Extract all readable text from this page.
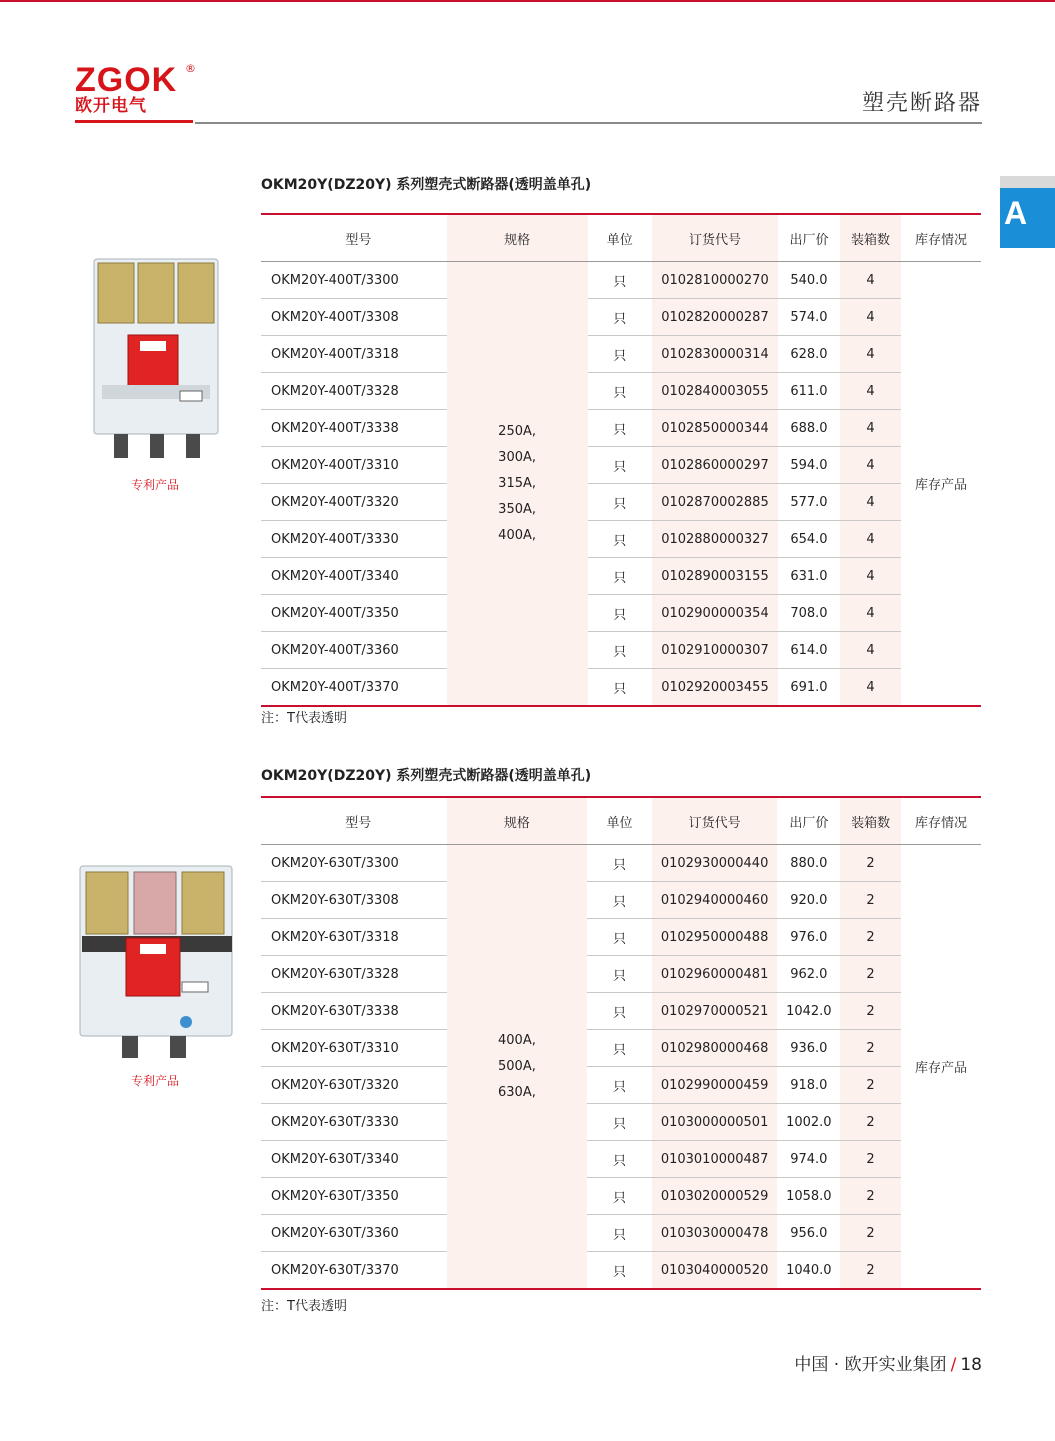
ZGOK ®
欧开电气	塑壳断路器
A
OKM20Y(DZ20Y) 系列塑壳式断路器(透明盖单孔)
专利产品
型号	规格	单位	订货代号	出厂价	装箱数	库存情况
OKM20Y-400T/3300	250A,
300A,
315A,
350A,
400A,	只	0102810000270	540.0	4	库存产品
OKM20Y-400T/3308		只	0102820000287	574.0	4	
OKM20Y-400T/3318		只	0102830000314	628.0	4	
OKM20Y-400T/3328		只	0102840003055	611.0	4	
OKM20Y-400T/3338		只	0102850000344	688.0	4	
OKM20Y-400T/3310		只	0102860000297	594.0	4	
OKM20Y-400T/3320		只	0102870002885	577.0	4	
OKM20Y-400T/3330		只	0102880000327	654.0	4	
OKM20Y-400T/3340		只	0102890003155	631.0	4	
OKM20Y-400T/3350		只	0102900000354	708.0	4	
OKM20Y-400T/3360		只	0102910000307	614.0	4	
OKM20Y-400T/3370		只	0102920003455	691.0	4	
注：T代表透明
OKM20Y(DZ20Y) 系列塑壳式断路器(透明盖单孔)
专利产品
型号	规格	单位	订货代号	出厂价	装箱数	库存情况
OKM20Y-630T/3300	400A,
500A,
630A,	只	0102930000440	880.0	2	库存产品
OKM20Y-630T/3308		只	0102940000460	920.0	2	
OKM20Y-630T/3318		只	0102950000488	976.0	2	
OKM20Y-630T/3328		只	0102960000481	962.0	2	
OKM20Y-630T/3338		只	0102970000521	1042.0	2	
OKM20Y-630T/3310		只	0102980000468	936.0	2	
OKM20Y-630T/3320		只	0102990000459	918.0	2	
OKM20Y-630T/3330		只	0103000000501	1002.0	2	
OKM20Y-630T/3340		只	0103010000487	974.0	2	
OKM20Y-630T/3350		只	0103020000529	1058.0	2	
OKM20Y-630T/3360		只	0103030000478	956.0	2	
OKM20Y-630T/3370		只	0103040000520	1040.0	2	
注：T代表透明
中国 · 欧开实业集团 / 18
